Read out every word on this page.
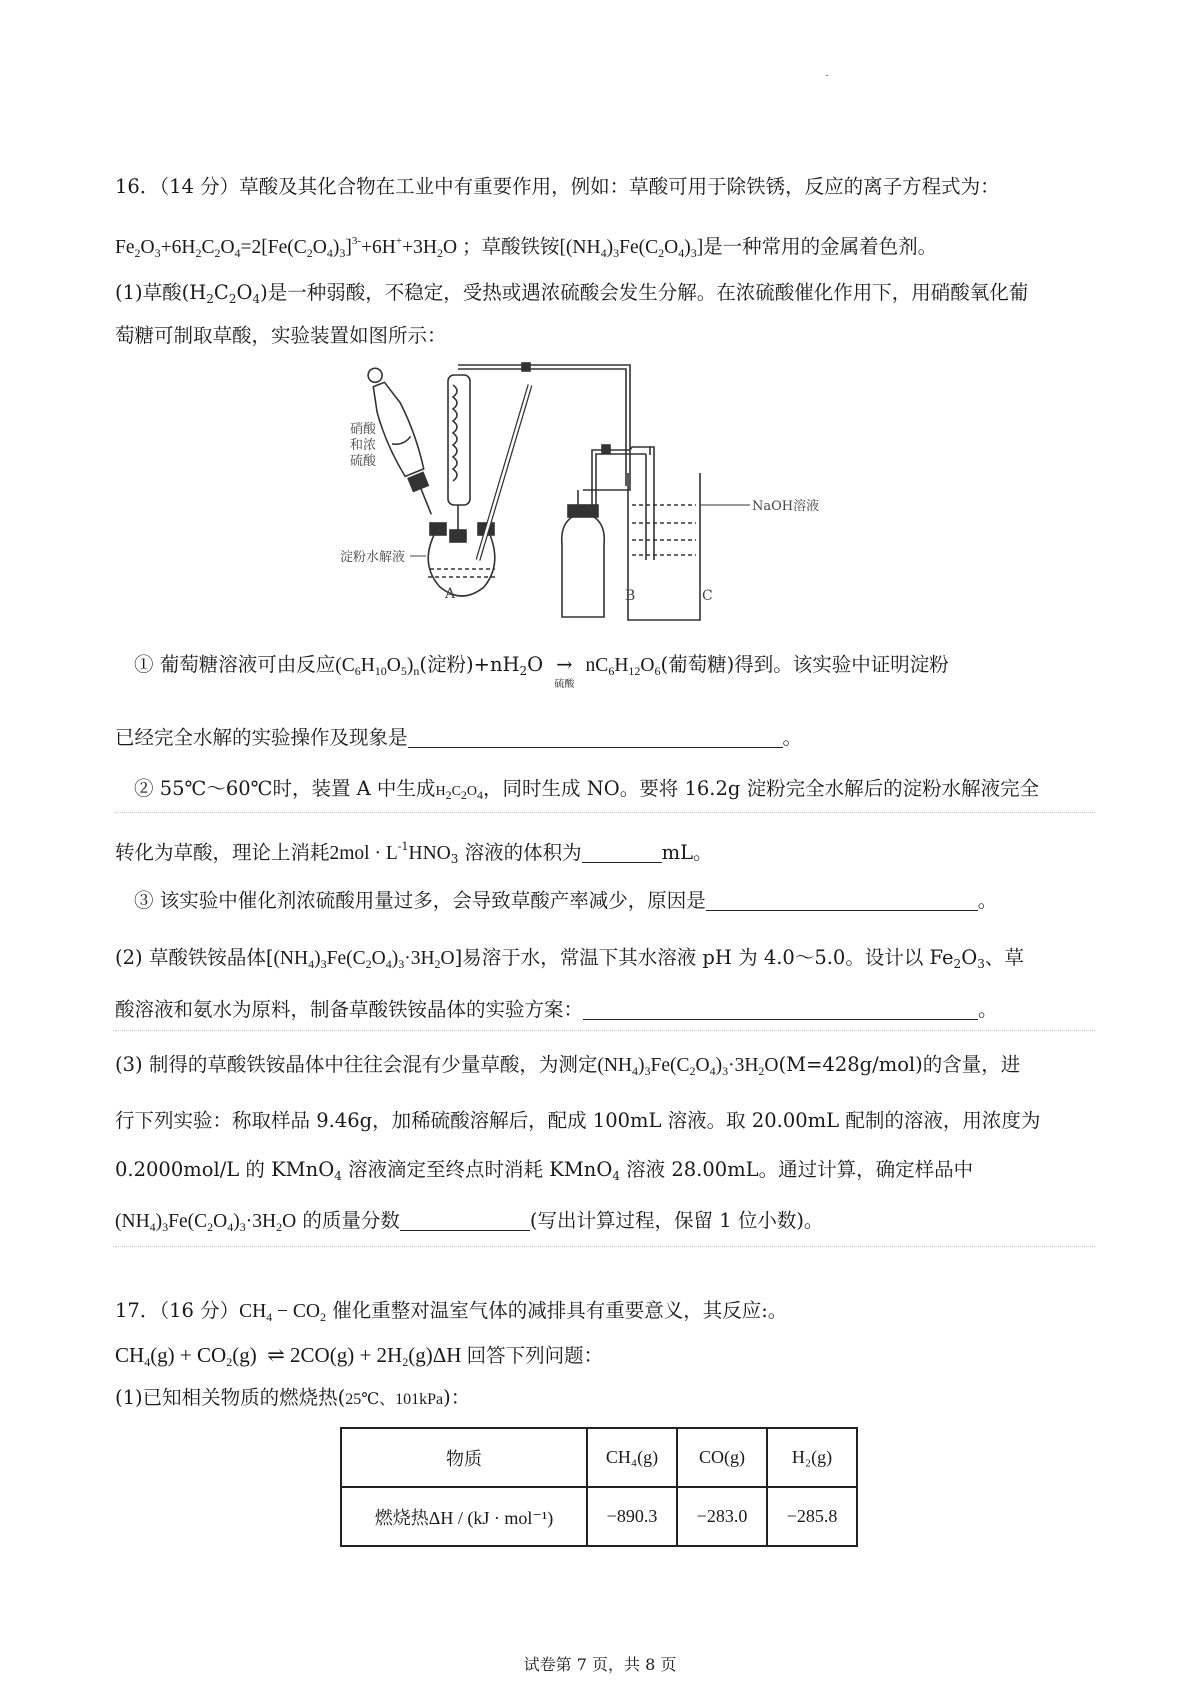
-
16．（14 分）草酸及其化合物在工业中有重要作用，例如：草酸可用于除铁锈，反应的离子方程式为：
$Fe_2O_3+6H_2C_2O_4=2[Fe(C_2O_4)_3]^{3-}+6H^++3H_2O$ ；草酸铁铵$[(NH_4)_3Fe(C_2O_4)_3]$是一种常用的金属着色剂。
(1)草酸$(H_2C_2O_4)$是一种弱酸，不稳定，受热或遇浓硫酸会发生分解。在浓硫酸催化作用下，用硝酸氧化葡
萄糖可制取草酸，实验装置如图所示：
硝酸
和浓
硫酸
淀粉水解液
NaOH溶液
A	B	C
① 葡萄糖溶液可由反应$(C_6H_{10}O_5)_n$(淀粉)$+nH_2O$ →
硫酸
$nC_6H_{12}O_6$(葡萄糖)得到。该实验中证明淀粉
已经完全水解的实验操作及现象是	。
② 55℃～60℃时，装置 A 中生成H2C2O4，同时生成 NO。要将 16.2g 淀粉完全水解后的淀粉水解液完全
转化为草酸，理论上消耗$2mol \cdot L^{-1}HNO_3$ 溶液的体积为	mL。
③ 该实验中催化剂浓硫酸用量过多，会导致草酸产率减少，原因是	。
(2) 草酸铁铵晶体$[(NH_4)_3Fe(C_2O_4)_3\cdot 3H_2O]$易溶于水，常温下其水溶液 pH 为 4.0～5.0。设计以 $Fe_2O_3$、草
酸溶液和氨水为原料，制备草酸铁铵晶体的实验方案：	。
(3) 制得的草酸铁铵晶体中往往会混有少量草酸，为测定$(NH_4)_3Fe(C_2O_4)_3\cdot 3H_2O(M=428g/mol)$的含量，进
行下列实验：称取样品 9.46g，加稀硫酸溶解后，配成 100mL 溶液。取 20.00mL 配制的溶液，用浓度为
0.2000mol/L 的 KMnO$_4$ 溶液滴定至终点时消耗 KMnO$_4$ 溶液 28.00mL。通过计算，确定样品中
$(NH_4)_3Fe(C_2O_4)_3\cdot 3H_2O$ 的质量分数	(写出计算过程，保留 1 位小数)。
17．（16 分）$CH_4 - CO_2$ 催化重整对温室气体的减排具有重要意义，其反应:。
$CH_4(g) + CO_2(g)$  ⇌ $2CO(g) + 2H_2(g)\Delta H$ 回答下列问题：
(1)已知相关物质的燃烧热(25℃、101kPa)：
物质	CH₄(g)	CO(g)	H₂(g)
燃烧热ΔH / (kJ · mol⁻¹)	−890.3	−283.0	−285.8
试卷第 7 页，共 8 页
